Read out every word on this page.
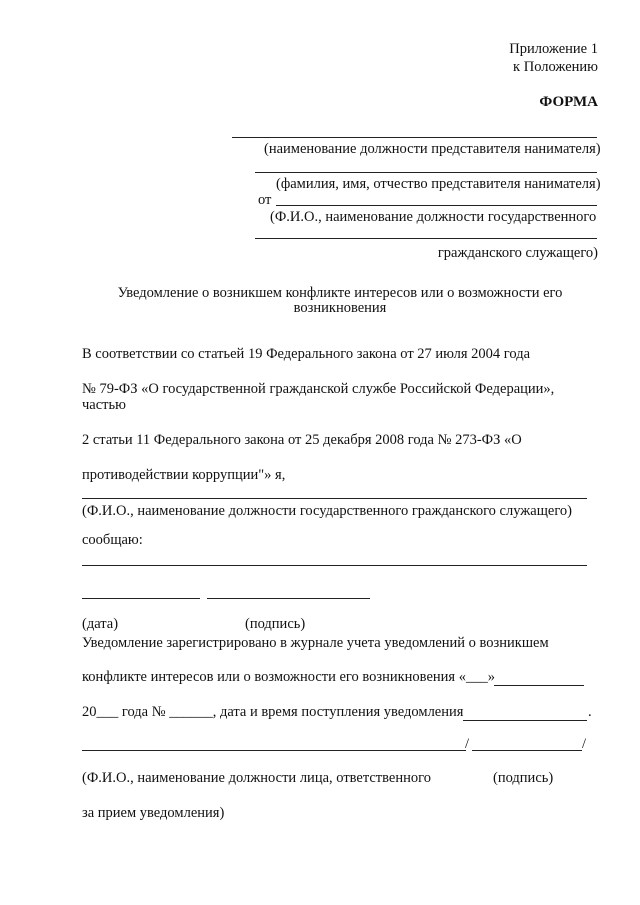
Приложение 1
к Положению
ФОРМА
(наименование должности представителя нанимателя)
(фамилия, имя, отчество представителя нанимателя)
от
(Ф.И.О., наименование должности государственного
гражданского служащего)
Уведомление о возникшем конфликте интересов или о возможности его
возникновения
В соответствии со статьей 19 Федерального закона от 27 июля 2004 года
№ 79-ФЗ «О государственной гражданской службе Российской Федерации»,
частью
2 статьи 11 Федерального закона от 25 декабря 2008 года № 273-ФЗ «О
противодействии коррупции"» я,
(Ф.И.О., наименование должности государственного гражданского служащего)
сообщаю:
(дата)	(подпись)
Уведомление зарегистрировано в журнале учета уведомлений о возникшем
конфликте интересов или о возможности его возникновения «___»
20___ года № ______, дата и время поступления уведомления	.
/	/
(Ф.И.О., наименование должности лица, ответственного	(подпись)
за прием уведомления)
